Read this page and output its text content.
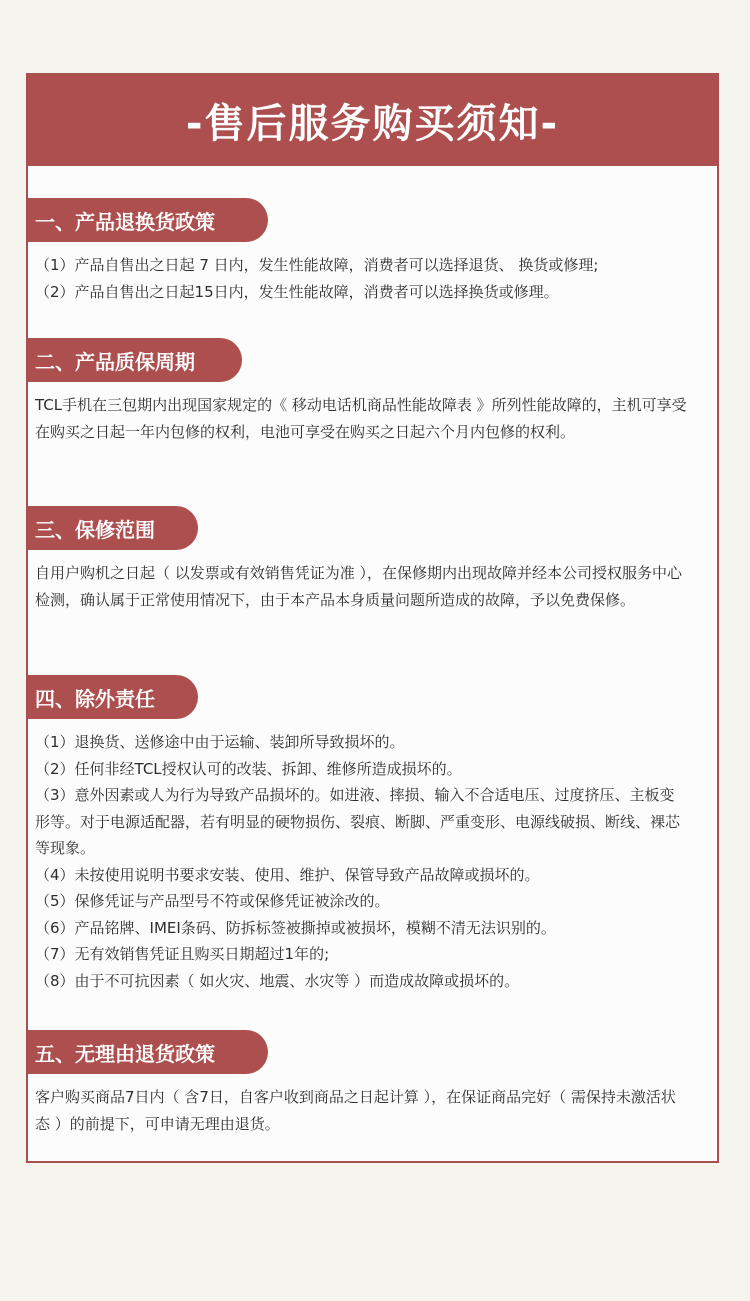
-售后服务购买须知-
一、产品退换货政策

（1）产品自售出之日起 7 日内，发生性能故障，消费者可以选择退货、 换货或修理;

（2）产品自售出之日起15日内，发生性能故障，消费者可以选择换货或修理。

二、产品质保周期

TCL手机在三包期内出现国家规定的《 移动电话机商品性能故障表 》所列性能故障的，主机可享受在购买之日起一年内包修的权利，电池可享受在购买之日起六个月内包修的权利。

三、保修范围

自用户购机之日起（ 以发票或有效销售凭证为准 ），在保修期内出现故障并经本公司授权服务中心检测，确认属于正常使用情况下，由于本产品本身质量问题所造成的故障，予以免费保修。

四、除外责任

（1）退换货、送修途中由于运输、装卸所导致损坏的。

（2）任何非经TCL授权认可的改装、拆卸、维修所造成损坏的。

（3）意外因素或人为行为导致产品损坏的。如进液、摔损、输入不合适电压、过度挤压、主板变形等。对于电源适配器，若有明显的硬物损伤、裂痕、断脚、严重变形、电源线破损、断线、裸芯等现象。

（4）未按使用说明书要求安装、使用、维护、保管导致产品故障或损坏的。

（5）保修凭证与产品型号不符或保修凭证被涂改的。

（6）产品铭牌、IMEI条码、防拆标签被撕掉或被损坏，模糊不清无法识别的。

（7）无有效销售凭证且购买日期超过1年的;

（8）由于不可抗因素（ 如火灾、地震、水灾等 ）而造成故障或损坏的。

五、无理由退货政策

客户购买商品7日内（ 含7日，自客户收到商品之日起计算 ），在保证商品完好（ 需保持未激活状态 ）的前提下，可申请无理由退货。
